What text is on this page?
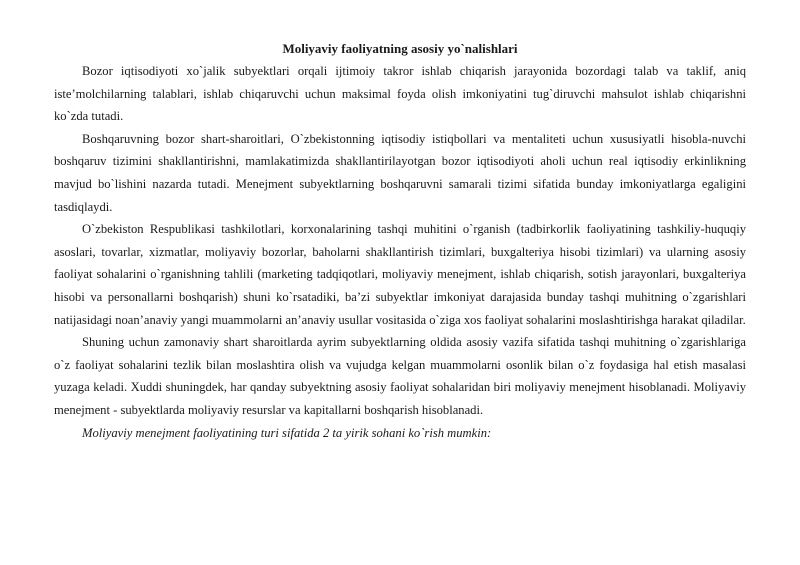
Moliyaviy faoliyatning asosiy yo`nalishlari

Bozor iqtisodiyoti xo`jalik subyektlari orqali ijtimoiy takror ishlab chiqarish jarayonida bozordagi talab va taklif, aniq iste’molchilarning talablari, ishlab chiqaruvchi uchun maksimal foyda olish imkoniyatini tug`diruvchi mahsulot ishlab chiqarishni ko`zda tutadi.

Boshqaruvning bozor shart-sharoitlari, O`zbekistonning iqtisodiy istiqbollari va mentaliteti uchun xususiyatli hisobla-nuvchi boshqaruv tizimini shakllantirishni, mamlakatimizda shakllantirilayotgan bozor iqtisodiyoti aholi uchun real iqtisodiy erkinlikning mavjud bo`lishini nazarda tutadi. Menejment subyektlarning boshqaruvni samarali tizimi sifatida bunday imkoniyatlarga egaligini tasdiqlaydi.

O`zbekiston Respublikasi tashkilotlari, korxonalarining tashqi muhitini o`rganish (tadbirkorlik faoliyatining tashkiliy-huquqiy asoslari, tovarlar, xizmatlar, moliyaviy bozorlar, baholarni shakllantirish tizimlari, buxgalteriya hisobi tizimlari) va ularning asosiy faoliyat sohalarini o`rganishning tahlili (marketing tadqiqotlari, moliyaviy menejment, ishlab chiqarish, sotish jarayonlari, buxgalteriya hisobi va personallarni boshqarish) shuni ko`rsatadiki, ba’zi subyektlar imkoniyat darajasida bunday tashqi muhitning o`zgarishlari natijasidagi noan’anaviy yangi muammolarni an’anaviy usullar vositasida o`ziga xos faoliyat sohalarini moslashtirishga harakat qiladilar.

Shuning uchun zamonaviy shart sharoitlarda ayrim subyektlarning oldida asosiy vazifa sifatida tashqi muhitning o`zgarishlariga o`z faoliyat sohalarini tezlik bilan moslashtira olish va vujudga kelgan muammolarni osonlik bilan o`z foydasiga hal etish masalasi yuzaga keladi. Xuddi shuningdek, har qanday subyektning asosiy faoliyat sohalaridan biri moliyaviy menejment hisoblanadi. Moliyaviy menejment - subyektlarda moliyaviy resurslar va kapitallarni boshqarish hisoblanadi.

Moliyaviy menejment faoliyatining turi sifatida 2 ta yirik sohani ko`rish mumkin:
